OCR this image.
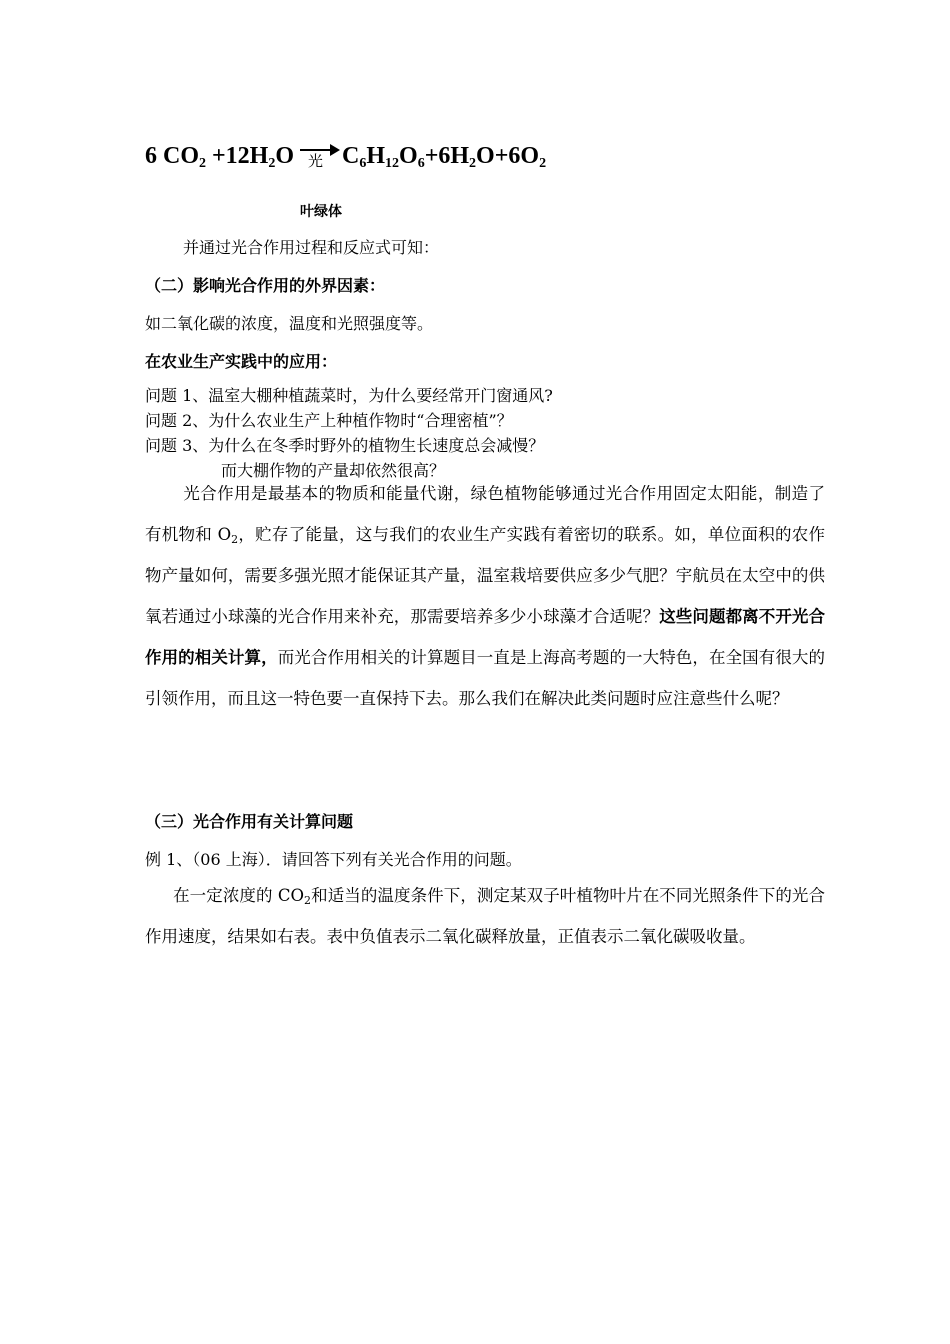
6 $CO_2 +12H_2O$ 光 $C_6H_{12}O_6+6H_2O+6O_2$
叶绿体
并通过光合作用过程和反应式可知：
（二）影响光合作用的外界因素：
如二氧化碳的浓度，温度和光照强度等。
在农业生产实践中的应用：
问题 1、温室大棚种植蔬菜时，为什么要经常开门窗通风?
问题 2、为什么农业生产上种植作物时“合理密植”？
问题 3、为什么在冬季时野外的植物生长速度总会减慢？
而大棚作物的产量却依然很高？
光合作用是最基本的物质和能量代谢，绿色植物能够通过光合作用固定太阳能，制造了有机物和 $O_2$，贮存了能量，这与我们的农业生产实践有着密切的联系。如，单位面积的农作物产量如何，需要多强光照才能保证其产量，温室栽培要供应多少气肥？宇航员在太空中的供氧若通过小球藻的光合作用来补充，那需要培养多少小球藻才合适呢？这些问题都离不开光合作用的相关计算，而光合作用相关的计算题目一直是上海高考题的一大特色，在全国有很大的引领作用，而且这一特色要一直保持下去。那么我们在解决此类问题时应注意些什么呢？
（三）光合作用有关计算问题
例 1、（06 上海）．请回答下列有关光合作用的问题。
在一定浓度的 $CO_2$和适当的温度条件下，测定某双子叶植物叶片在不同光照条件下的光合作用速度，结果如右表。表中负值表示二氧化碳释放量，正值表示二氧化碳吸收量。
